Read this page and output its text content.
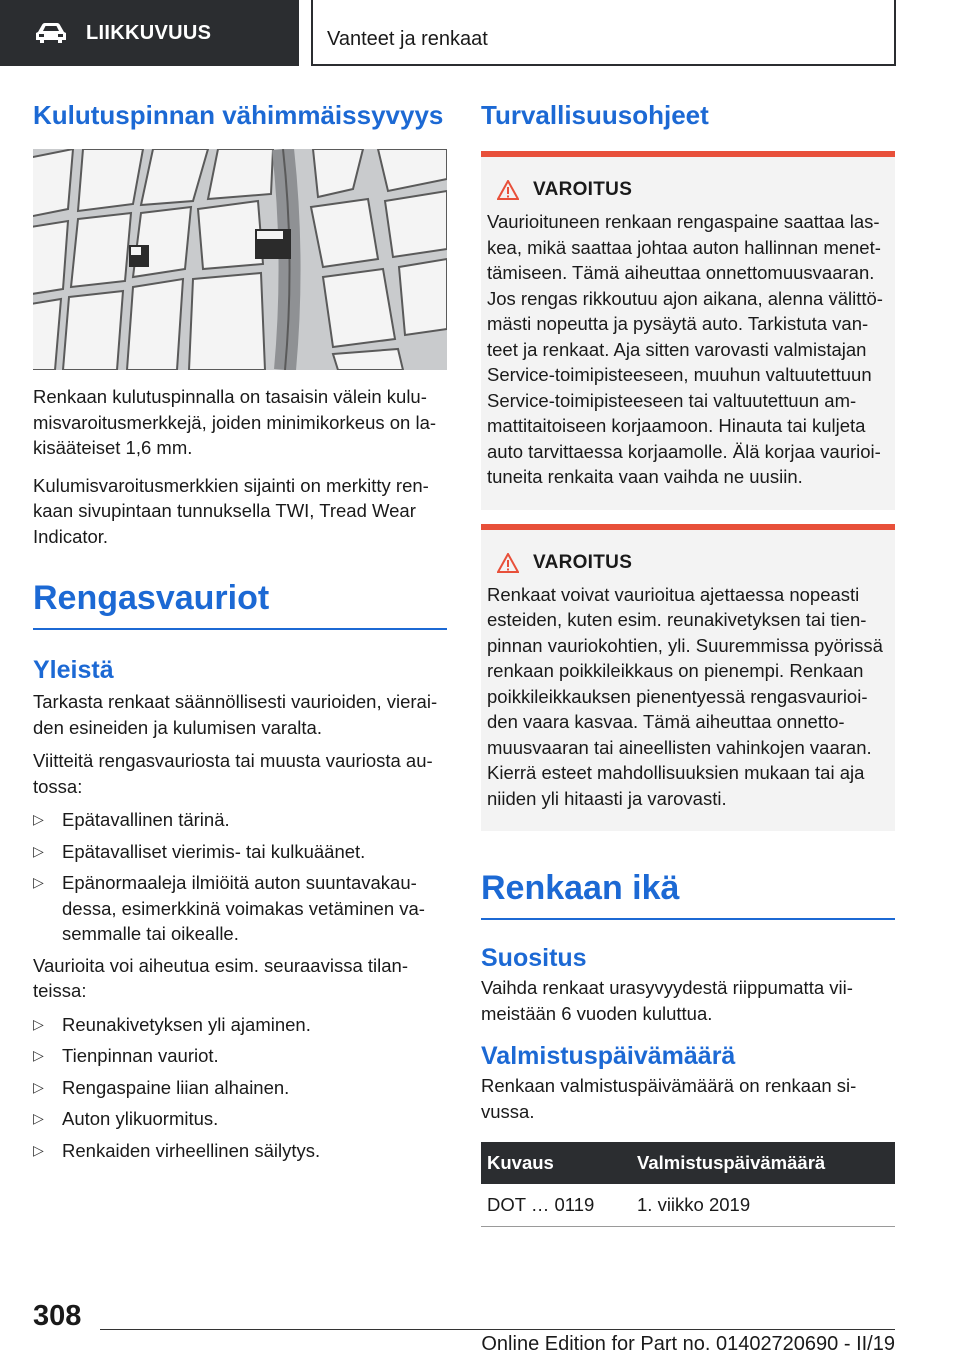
LIIKKUVUUS	Vanteet ja renkaat
Kulutuspinnan vähimmäissyvyys

Renkaan kulutuspinnalla on tasaisin välein kulu-misvaroitusmerkkejä, joiden minimikorkeus on la-kisääteiset 1,6 mm.

Kulumisvaroitusmerkkien sijainti on merkitty ren-kaan sivupintaan tunnuksella TWI, Tread Wear Indicator.

Rengasvauriot
Yleistä

Tarkasta renkaat säännöllisesti vaurioiden, vierai-den esineiden ja kulumisen varalta.

Viitteitä rengasvauriosta tai muusta vauriosta au-tossa:

▷ Epätavallinen tärinä.
▷ Epätavalliset vierimis- tai kulkuäänet.
▷ Epänormaaleja ilmiöitä auton suuntavakau-dessa, esimerkkinä voimakas vetäminen va-semmalle tai oikealle.

Vaurioita voi aiheutua esim. seuraavissa tilan-teissa:

▷ Reunakivetyksen yli ajaminen.
▷ Tienpinnan vauriot.
▷ Rengaspaine liian alhainen.
▷ Auton ylikuormitus.
▷ Renkaiden virheellinen säilytys.
Turvallisuusohjeet
VAROITUS

Vaurioituneen renkaan rengaspaine saattaa las-kea, mikä saattaa johtaa auton hallinnan menet-tämiseen. Tämä aiheuttaa onnettomuusvaaran. Jos rengas rikkoutuu ajon aikana, alenna välittö-mästi nopeutta ja pysäytä auto. Tarkistuta van-teet ja renkaat. Aja sitten varovasti valmistajan Service-toimipisteeseen, muuhun valtuutettuun Service-toimipisteeseen tai valtuutettuun am-mattitaitoiseen korjaamoon. Hinauta tai kuljeta auto tarvittaessa korjaamolle. Älä korjaa vaurioi-tuneita renkaita vaan vaihda ne uusiin.

VAROITUS

Renkaat voivat vaurioitua ajettaessa nopeasti esteiden, kuten esim. reunakivetyksen tai tien-pinnan vauriokohtien, yli. Suuremmissa pyörissä renkaan poikkileikkaus on pienempi. Renkaan poikkileikkauksen pienentyessä rengasvaurioi-den vaara kasvaa. Tämä aiheuttaa onnetto-muusvaaran tai aineellisten vahinkojen vaaran. Kierrä esteet mahdollisuuksien mukaan tai aja niiden yli hitaasti ja varovasti.

Renkaan ikä
Suositus

Vaihda renkaat urasyvyydestä riippumatta vii-meistään 6 vuoden kuluttua.

Valmistuspäivämäärä

Renkaan valmistuspäivämäärä on renkaan si-vussa.

Kuvaus	Valmistuspäivämäärä
DOT … 0119	1. viikko 2019
308
Online Edition for Part no. 01402720690 - II/19
